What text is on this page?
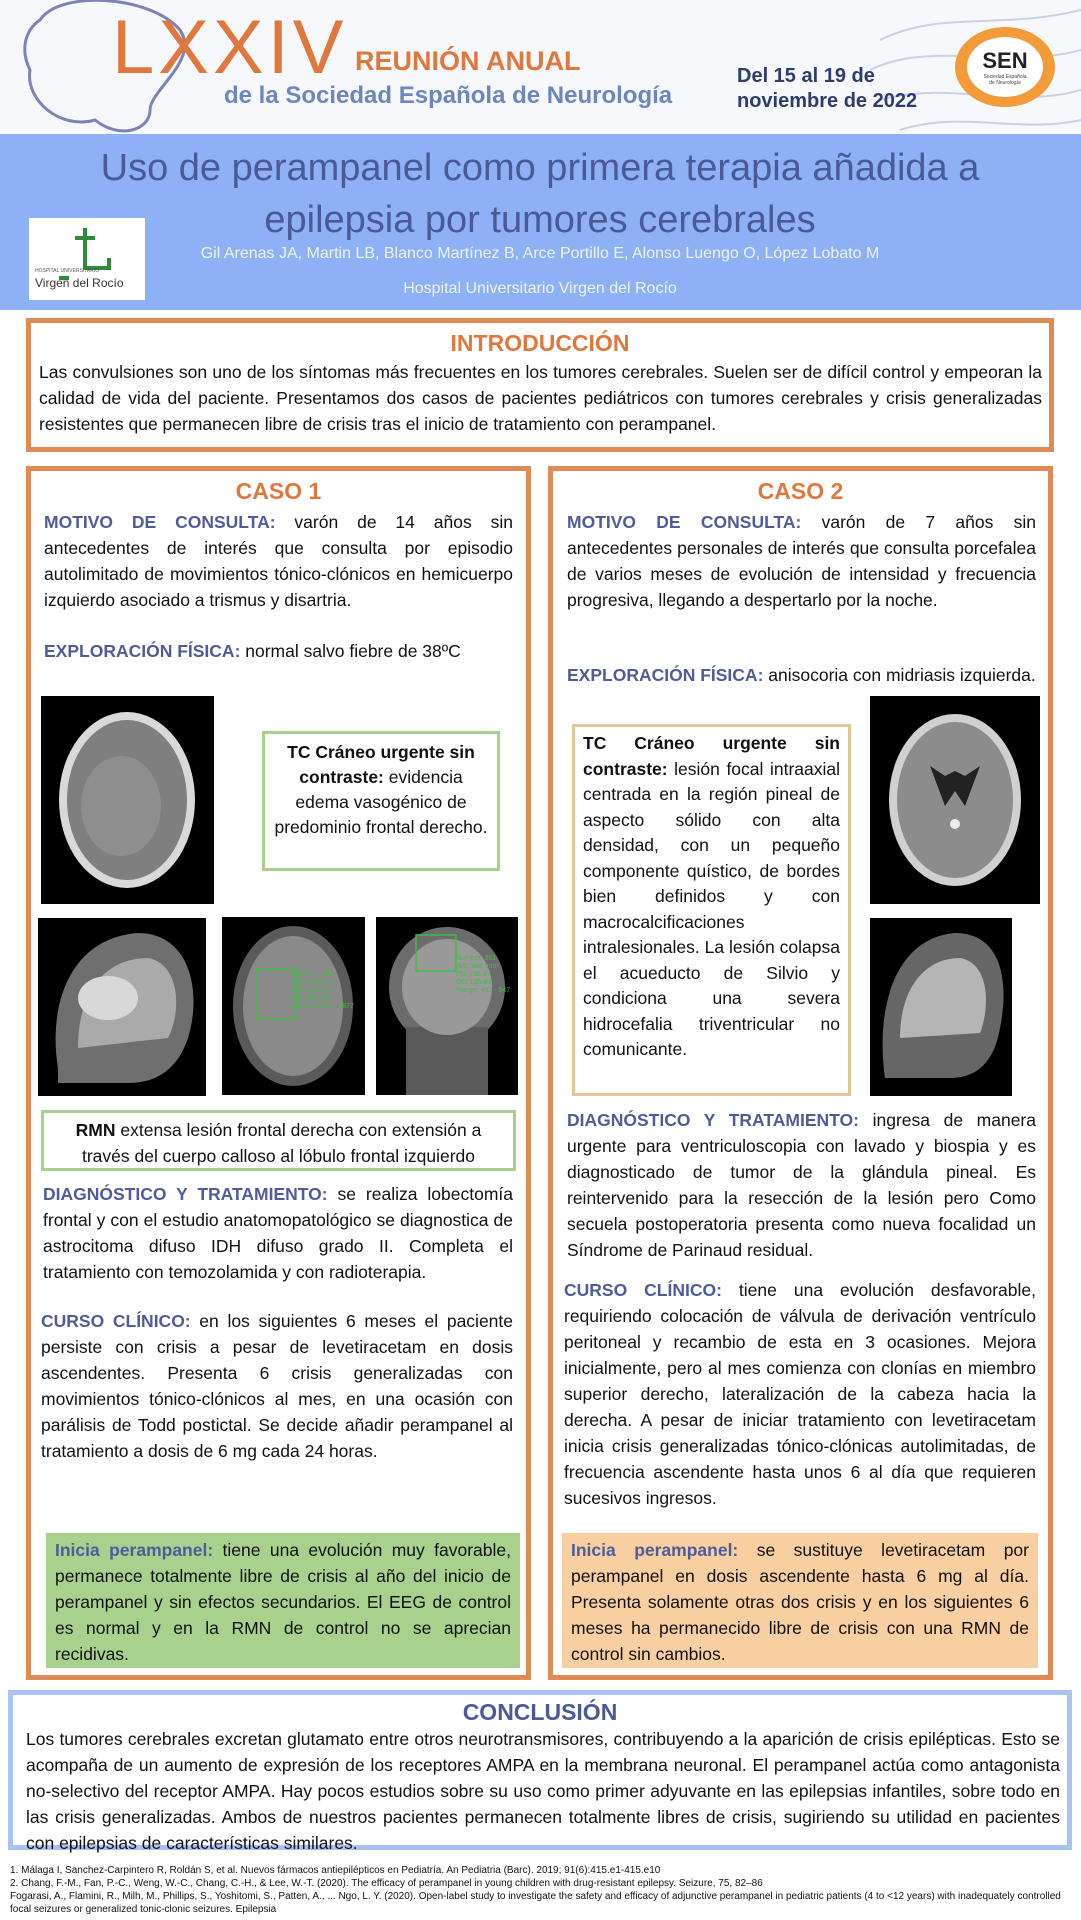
LXXIV REUNIÓN ANUAL
de la Sociedad Española de Neurología
Del 15 al 19 de noviembre de 2022
SEN
Sociedad Española de Neurología
Uso de perampanel como primera terapia añadida a epilepsia por tumores cerebrales
HOSPITAL UNIVERSITARIO
Virgen del Rocío
Gil Arenas JA, Martin LB, Blanco Martínez B, Arce Portillo E, Alonso Luengo O, López Lobato M
Hospital Universitario Virgen del Rocío
INTRODUCCIÓN
Las convulsiones son uno de los síntomas más frecuentes en los tumores cerebrales. Suelen ser de difícil control y empeoran la calidad de vida del paciente. Presentamos dos casos de pacientes pediátricos con tumores cerebrales y crisis generalizadas resistentes que permanecen libre de crisis tras el inicio de tratamiento con perampanel.
CASO 1
MOTIVO DE CONSULTA: varón de 14 años sin antecedentes de interés que consulta por episodio autolimitado de movimientos tónico-clónicos en hemicuerpo izquierdo asociado a trismus y disartria.
EXPLORACIÓN FÍSICA: normal salvo fiebre de 38ºC
TC Cráneo urgente sin contraste: evidencia edema vasogénico de predominio frontal derecho.
Number: 951
A/S: 1420 mm²
PS: 1473.43
DE: 332.78
Range: 1394 - 1877
Number: 951
A/S: 348 mm²
PS: 736.47
DE: 135.49
Range: 452 - 947
RMN extensa lesión frontal derecha con extensión a través del cuerpo calloso al lóbulo frontal izquierdo
DIAGNÓSTICO Y TRATAMIENTO: se realiza lobectomía frontal y con el estudio anatomopatológico se diagnostica de astrocitoma difuso IDH difuso grado II. Completa el tratamiento con temozolamida y con radioterapia.
CURSO CLÍNICO: en los siguientes 6 meses el paciente persiste con crisis a pesar de levetiracetam en dosis ascendentes. Presenta 6 crisis generalizadas con movimientos tónico-clónicos al mes, en una ocasión con parálisis de Todd postictal. Se decide añadir perampanel al tratamiento a dosis de 6 mg cada 24 horas.
Inicia perampanel: tiene una evolución muy favorable, permanece totalmente libre de crisis al año del inicio de perampanel y sin efectos secundarios. El EEG de control es normal y en la RMN de control no se aprecian recidivas.
CASO 2
MOTIVO DE CONSULTA: varón de 7 años sin antecedentes personales de interés que consulta porcefalea de varios meses de evolución de intensidad y frecuencia progresiva, llegando a despertarlo por la noche.
EXPLORACIÓN FÍSICA: anisocoria con midriasis izquierda.
TC Cráneo urgente sin contraste: lesión focal intraaxial centrada en la región pineal de aspecto sólido con alta densidad, con un pequeño componente quístico, de bordes bien definidos y con macrocalcificaciones intralesionales. La lesión colapsa el acueducto de Silvio y condiciona una severa hidrocefalia triventricular no comunicante.
DIAGNÓSTICO Y TRATAMIENTO: ingresa de manera urgente para ventriculoscopia con lavado y biospia y es diagnosticado de tumor de la glándula pineal. Es reintervenido para la resección de la lesión pero Como secuela postoperatoria presenta como nueva focalidad un Síndrome de Parinaud residual.
CURSO CLÍNICO: tiene una evolución desfavorable, requiriendo colocación de válvula de derivación ventrículo peritoneal y recambio de esta en 3 ocasiones. Mejora inicialmente, pero al mes comienza con clonías en miembro superior derecho, lateralización de la cabeza hacia la derecha. A pesar de iniciar tratamiento con levetiracetam inicia crisis generalizadas tónico-clónicas autolimitadas, de frecuencia ascendente hasta unos 6 al día que requieren sucesivos ingresos.
Inicia perampanel: se sustituye levetiracetam por perampanel en dosis ascendente hasta 6 mg al día. Presenta solamente otras dos crisis y en los siguientes 6 meses ha permanecido libre de crisis con una RMN de control sin cambios.
CONCLUSIÓN
Los tumores cerebrales excretan glutamato entre otros neurotransmisores, contribuyendo a la aparición de crisis epilépticas. Esto se acompaña de un aumento de expresión de los receptores AMPA en la membrana neuronal. El perampanel actúa como antagonista no-selectivo del receptor AMPA. Hay pocos estudios sobre su uso como primer adyuvante en las epilepsias infantiles, sobre todo en las crisis generalizadas. Ambos de nuestros pacientes permanecen totalmente libres de crisis, sugiriendo su utilidad en pacientes con epilepsias de características similares.
1. Málaga I, Sanchez-Carpintero R, Roldán S, et al. Nuevos fármacos antiepilépticos en Pediatría. An Pediatria (Barc). 2019; 91(6):415.e1-415.e10
2. Chang, F.-M., Fan, P.-C., Weng, W.-C., Chang, C.-H., & Lee, W.-T. (2020). The efficacy of perampanel in young children with drug-resistant epilepsy. Seizure, 75, 82–86
Fogarasi, A., Flamini, R., Milh, M., Phillips, S., Yoshitomi, S., Patten, A., ... Ngo, L. Y. (2020). Open-label study to investigate the safety and efficacy of adjunctive perampanel in pediatric patients (4 to <12 years) with inadequately controlled focal seizures or generalized tonic-clonic seizures. Epilepsia
